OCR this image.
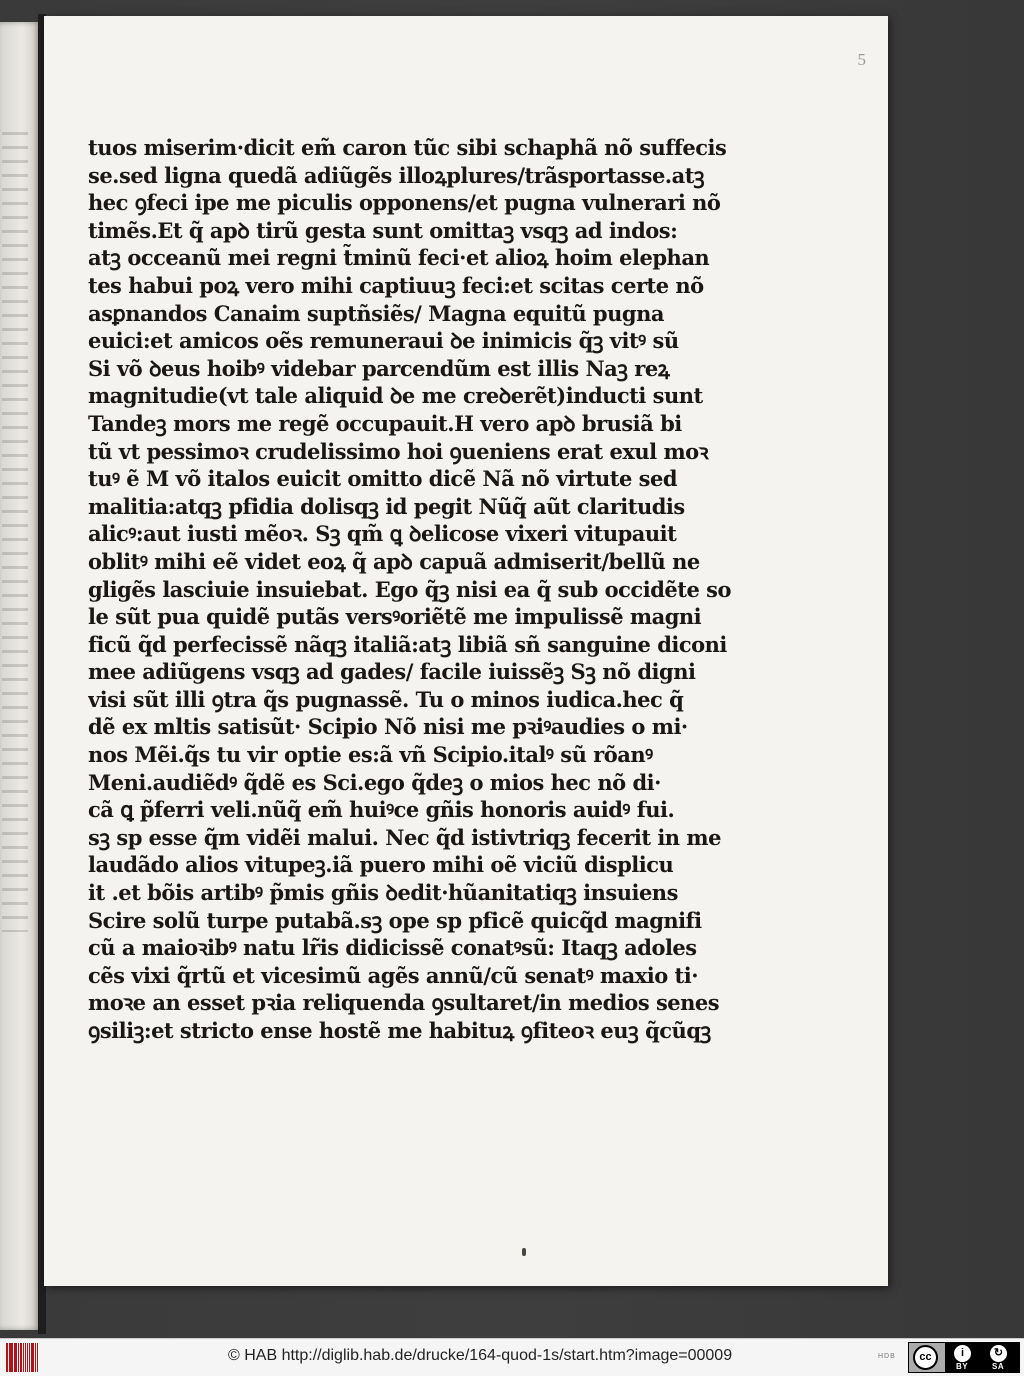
5
tuos miserim·dicit em̃ caron tũc sibi schaphã nõ suffecis
se.sed ligna quedã adiũgẽs illoꝝplures/trãsportasse.atꝫ
hec ꝯfeci ipe me piculis opponens/et pugna vulnerari nõ
timẽs.Et q̃ apꝺ tirũ gesta sunt omittaꝫ vsqꝫ ad indos:
atꝫ occeanũ mei regni t̃minũ feci·et alioꝝ hoim elephan
tes habui poꝝ vero mihi captiuuꝫ feci:et scitas certe nõ
asꝑnandos Canaim suptñsiẽs/ Magna equitũ pugna
euici:et amicos oẽs remuneraui ꝺe inimicis q̃ꝫ vitꝰ sũ
Si võ ꝺeus hoibꝰ videbar parcendũm est illis Naꝫ reꝝ
magnitudie(vt tale aliquid ꝺe me creꝺerẽt)inducti sunt
Tandeꝫ mors me regẽ occupauit.H vero apꝺ brusiã bi
tũ vt pessimoꝛ crudelissimo hoi ꝯueniens erat exul moꝛ
tuꝰ ẽ M võ italos euicit omitto dicẽ Nã nõ virtute sed
malitia:atqꝫ pfidia dolisqꝫ id pegit Nũq̃ aũt claritudis
alicꝰ:aut iusti mẽoꝛ. Sꝫ qm̃ ꝗ ꝺelicose vixeri vitupauit
oblitꝰ mihi eẽ videt eoꝝ q̃ apꝺ capuã admiserit/bellũ ne
gligẽs lasciuie insuiebat. Ego q̃ꝫ nisi ea q̃ sub occidẽte so
le sũt pua quidẽ putãs versꝰoriẽtẽ me impulissẽ magni
ficũ q̃d perfecissẽ nãqꝫ italiã:atꝫ libiã sñ sanguine diconi
mee adiũgens vsqꝫ ad gades/ facile iuissẽꝫ Sꝫ nõ digni
visi sũt illi ꝯtra q̃s pugnassẽ. Tu o minos iudica.hec q̃
dẽ ex mltis satisũt· Scipio Nõ nisi me pꝛiꝰaudies o mi·
nos Mẽi.q̃s tu vir optie es:ã vñ Scipio.italꝰ sũ rõanꝰ
Meni.audiẽdꝰ q̃dẽ es Sci.ego q̃deꝫ o mios hec nõ di·
cã ꝗ p̃ferri veli.nũq̃ em̃ huiꝰce gñis honoris auidꝰ fui.
sꝫ sp esse q̃m vidẽi malui. Nec q̃d istivtriqꝫ fecerit in me
laudãdo alios vitupeꝫ.iã puero mihi oẽ viciũ displicu
it .et bõis artibꝰ p̃mis gñis ꝺedit·hũanitatiqꝫ insuiens
Scire solũ turpe putabã.sꝫ ope sp pficẽ quicq̃d magnifi
cũ a maioꝛibꝰ natu lr̃is didicissẽ conatꝰsũ: Itaqꝫ adoles
cẽs vixi q̃rtũ et vicesimũ agẽs annũ/cũ senatꝰ maxio ti·
moꝛe an esset pꝛia reliquenda ꝯsultaret/in medios senes
ꝯsiliꝫ:et stricto ense hostẽ me habituꝝ ꝯfiteoꝛ euꝫ q̃cũqꝫ
© HAB http://diglib.hab.de/drucke/164-quod-1s/start.htm?image=00009	HDB	cc	i	↻
BY	SA
